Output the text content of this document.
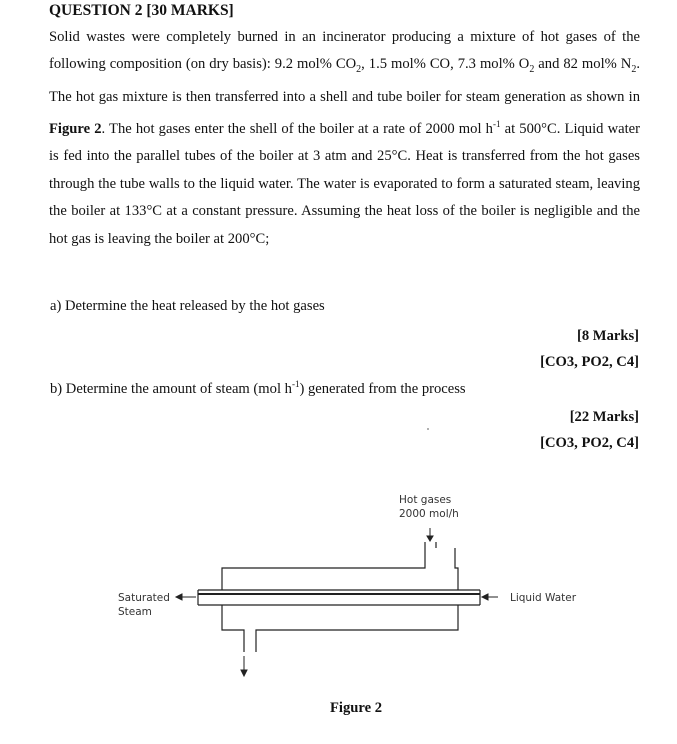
QUESTION 2 [30 MARKS]
Solid wastes were completely burned in an incinerator producing a mixture of hot gases of the following composition (on dry basis): 9.2 mol% $CO_2$, 1.5 mol% CO, 7.3 mol% $O_2$ and 82 mol% $N_2$. The hot gas mixture is then transferred into a shell and tube boiler for steam generation as shown in Figure 2. The hot gases enter the shell of the boiler at a rate of 2000 mol $h^{-1}$ at 500°C. Liquid water is fed into the parallel tubes of the boiler at 3 atm and 25°C. Heat is transferred from the hot gases through the tube walls to the liquid water. The water is evaporated to form a saturated steam, leaving the boiler at 133°C at a constant pressure. Assuming the heat loss of the boiler is negligible and the hot gas is leaving the boiler at 200°C;
a) Determine the heat released by the hot gases
[8 Marks]
[CO3, PO2, C4]
b) Determine the amount of steam (mol $h^{-1}$) generated from the process
[22 Marks]
[CO3, PO2, C4]
Hot gases
2000 mol/h
Saturated
Steam
Liquid Water
Figure 2
